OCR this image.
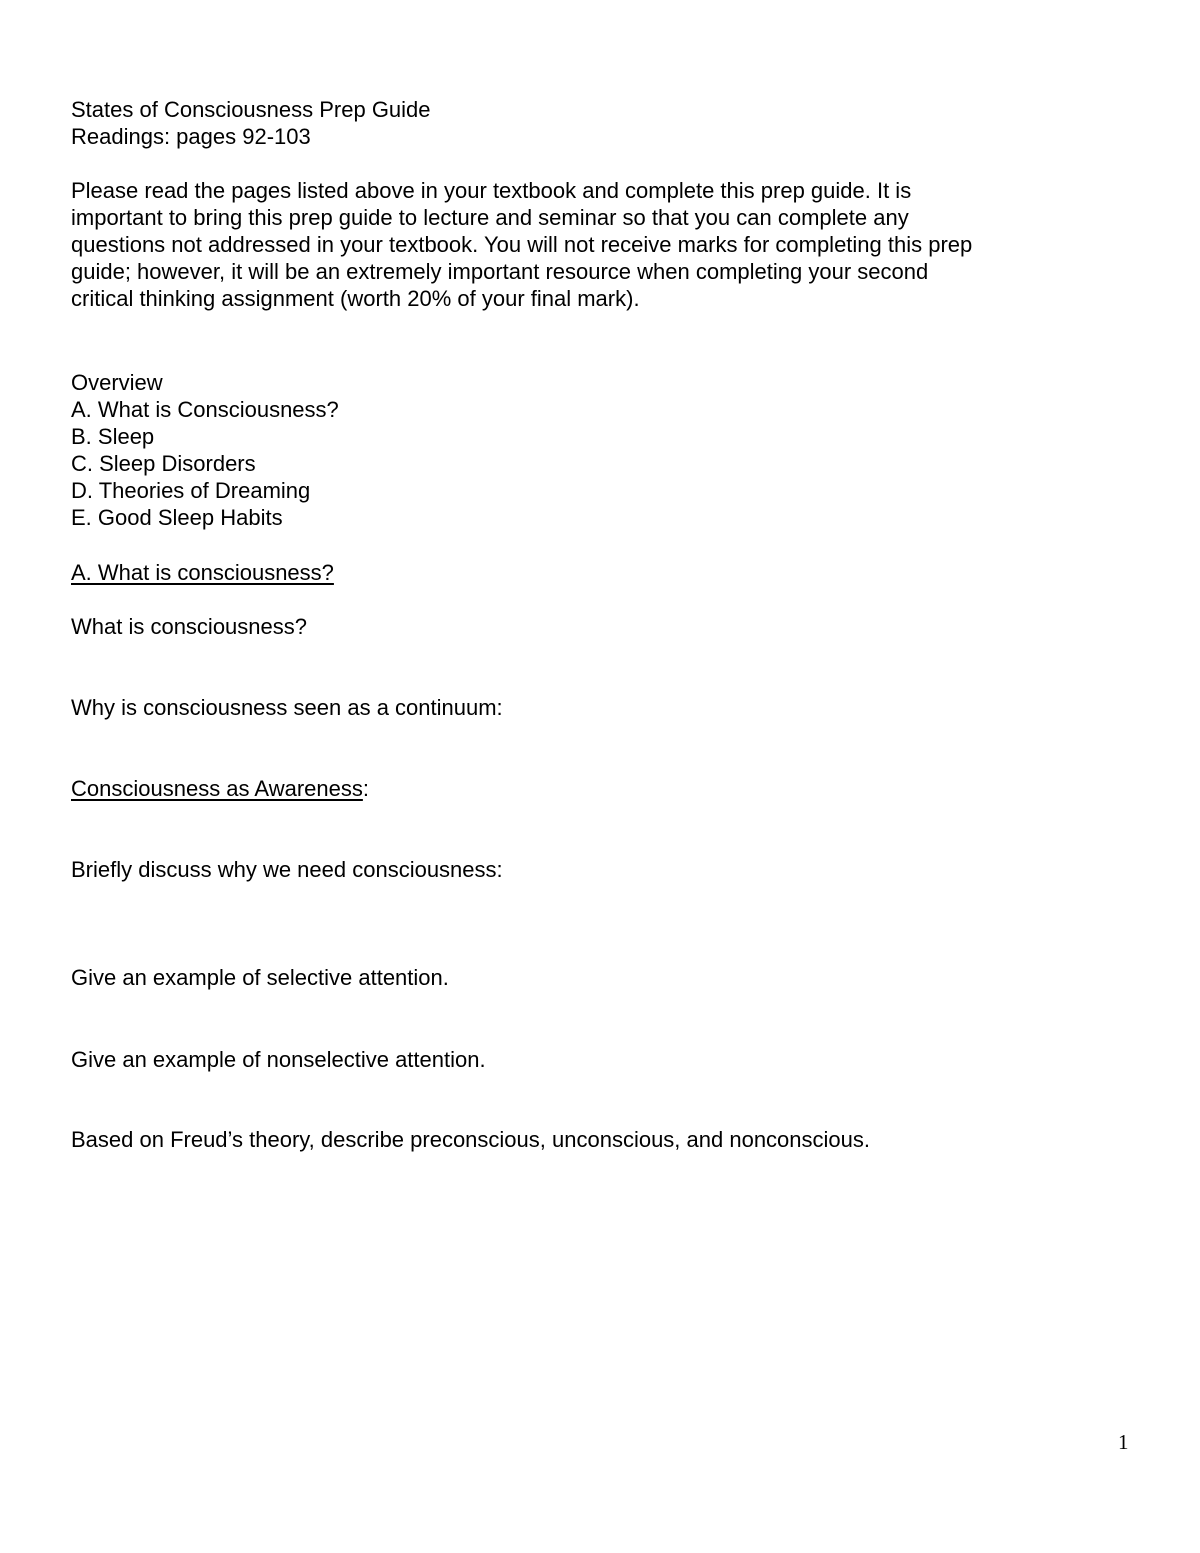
States of Consciousness Prep Guide
Readings: pages 92-103
Please read the pages listed above in your textbook and complete this prep guide. It is
important to bring this prep guide to lecture and seminar so that you can complete any
questions not addressed in your textbook. You will not receive marks for completing this prep
guide; however, it will be an extremely important resource when completing your second
critical thinking assignment (worth 20% of your final mark).
Overview
A. What is Consciousness?
B. Sleep
C. Sleep Disorders
D. Theories of Dreaming
E. Good Sleep Habits
A. What is consciousness?
What is consciousness?
Why is consciousness seen as a continuum:
Consciousness as Awareness:
Briefly discuss why we need consciousness:
Give an example of selective attention.
Give an example of nonselective attention.
Based on Freud’s theory, describe preconscious, unconscious, and nonconscious.
1
